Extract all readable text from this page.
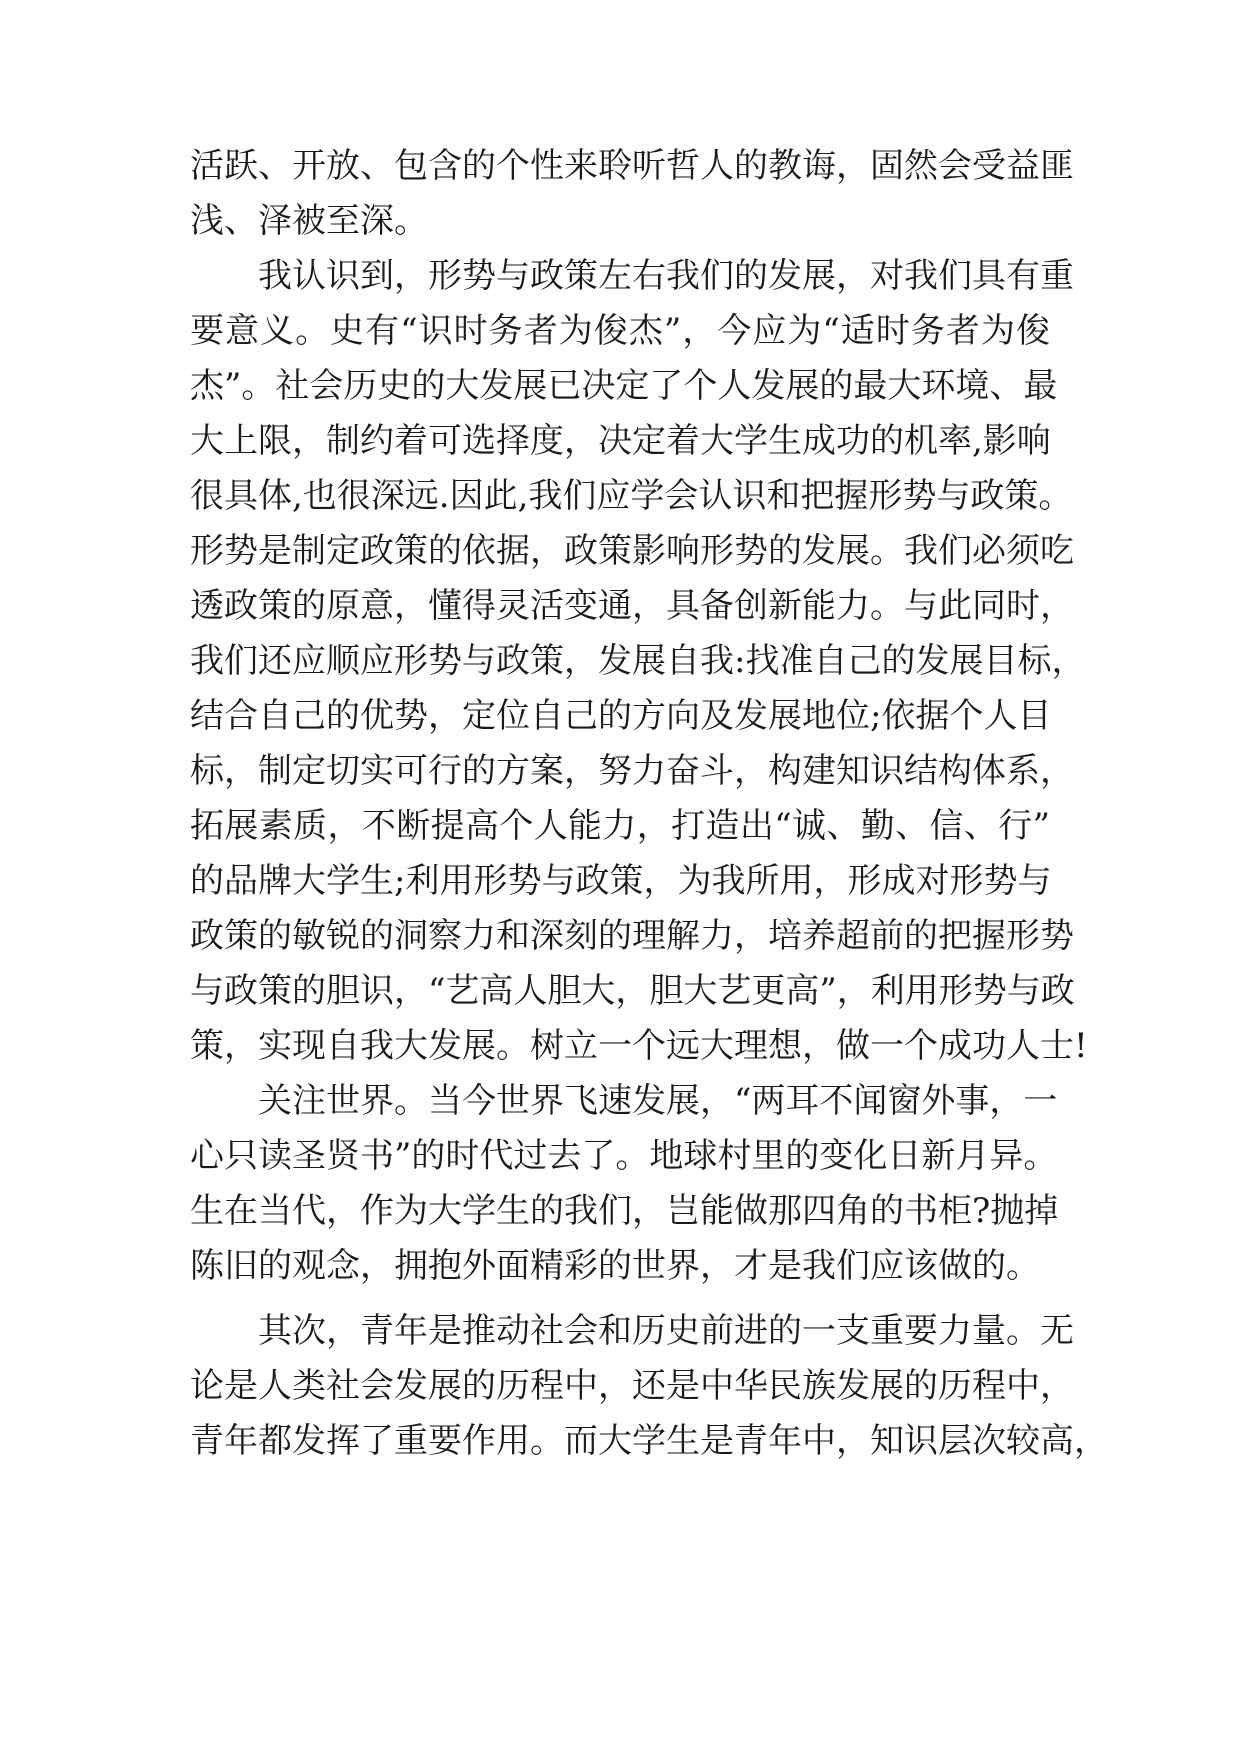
活跃、开放、包含的个性来聆听哲人的教诲，固然会受益匪
浅、泽被至深。
我认识到，形势与政策左右我们的发展，对我们具有重
要意义。史有“识时务者为俊杰”，今应为“适时务者为俊
杰”。社会历史的大发展已决定了个人发展的最大环境、最
大上限，制约着可选择度，决定着大学生成功的机率,影响
很具体,也很深远.因此,我们应学会认识和把握形势与政策。
形势是制定政策的依据，政策影响形势的发展。我们必须吃
透政策的原意，懂得灵活变通，具备创新能力。与此同时，
我们还应顺应形势与政策，发展自我:找准自己的发展目标，
结合自己的优势，定位自己的方向及发展地位;依据个人目
标，制定切实可行的方案，努力奋斗，构建知识结构体系，
拓展素质，不断提高个人能力，打造出“诚、勤、信、行”
的品牌大学生;利用形势与政策，为我所用，形成对形势与
政策的敏锐的洞察力和深刻的理解力，培养超前的把握形势
与政策的胆识，“艺高人胆大，胆大艺更高”，利用形势与政
策，实现自我大发展。树立一个远大理想，做一个成功人士!
关注世界。当今世界飞速发展，“两耳不闻窗外事，一
心只读圣贤书”的时代过去了。地球村里的变化日新月异。
生在当代，作为大学生的我们，岂能做那四角的书柜?抛掉
陈旧的观念，拥抱外面精彩的世界，才是我们应该做的。
其次，青年是推动社会和历史前进的一支重要力量。无
论是人类社会发展的历程中，还是中华民族发展的历程中，
青年都发挥了重要作用。而大学生是青年中，知识层次较高，
